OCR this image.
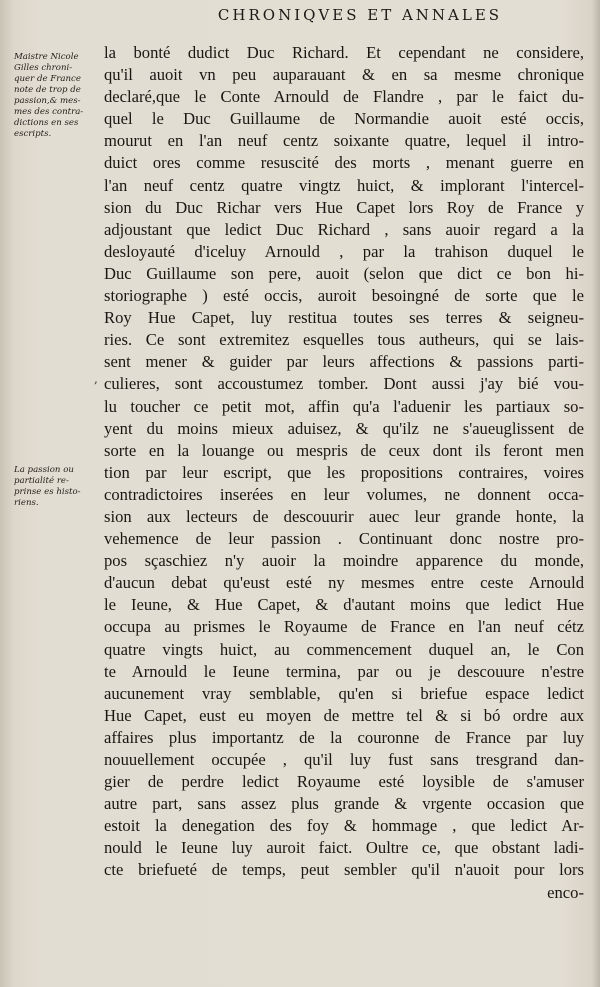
CHRONIQVES ET ANNALES
Maistre Nicole
Gilles chroni-
quer de France
note de trop de
passion,& mes-
mes des contra-
dictions en ses
escripts.
La passion ou
partialité re-
prinse es histo-
riens.
,
la bonté dudict Duc Richard. Et cependant ne considere,
qu'il auoit vn peu auparauant & en sa mesme chronique
declaré,que le Conte Arnould de Flandre , par le faict du-
quel le Duc Guillaume de Normandie auoit esté occis,
mourut en l'an neuf centz soixante quatre, lequel il intro-
duict ores comme resuscité des morts , menant guerre en
l'an neuf centz quatre vingtz huict, & implorant l'intercel-
sion du Duc Richar vers Hue Capet lors Roy de France y
adjoustant que ledict Duc Richard , sans auoir regard a la
desloyauté d'iceluy Arnould , par la trahison duquel le
Duc Guillaume son pere, auoit (selon que dict ce bon hi-
storiographe ) esté occis, auroit besoingné de sorte que le
Roy Hue Capet, luy restitua toutes ses terres & seigneu-
ries. Ce sont extremitez esquelles tous autheurs, qui se lais-
sent mener & guider par leurs affections & passions parti-
culieres, sont accoustumez tomber. Dont aussi j'ay bié vou-
lu toucher ce petit mot, affin qu'a l'aduenir les partiaux so-
yent du moins mieux aduisez, & qu'ilz ne s'aueuglissent de
sorte en la louange ou mespris de ceux dont ils feront men
tion par leur escript, que les propositions contraires, voires
contradictoires inserées en leur volumes, ne donnent occa-
sion aux lecteurs de descouurir auec leur grande honte, la
vehemence de leur passion . Continuant donc nostre pro-
pos sçaschiez n'y auoir la moindre apparence du monde,
d'aucun debat qu'eust esté ny mesmes entre ceste Arnould
le Ieune, & Hue Capet, & d'autant moins que ledict Hue
occupa au prismes le Royaume de France en l'an neuf cétz
quatre vingts huict, au commencement duquel an, le Con
te Arnould le Ieune termina, par ou je descouure n'estre
aucunement vray semblable, qu'en si briefue espace ledict
Hue Capet, eust eu moyen de mettre tel & si bó ordre aux
affaires plus importantz de la couronne de France par luy
nouuellement occupée , qu'il luy fust sans tresgrand dan-
gier de perdre ledict Royaume esté loysible de s'amuser
autre part, sans assez plus grande & vrgente occasion que
estoit la denegation des foy & hommage , que ledict Ar-
nould le Ieune luy auroit faict. Oultre ce, que obstant ladi-
cte briefueté de temps, peut sembler qu'il n'auoit pour lors
enco-
